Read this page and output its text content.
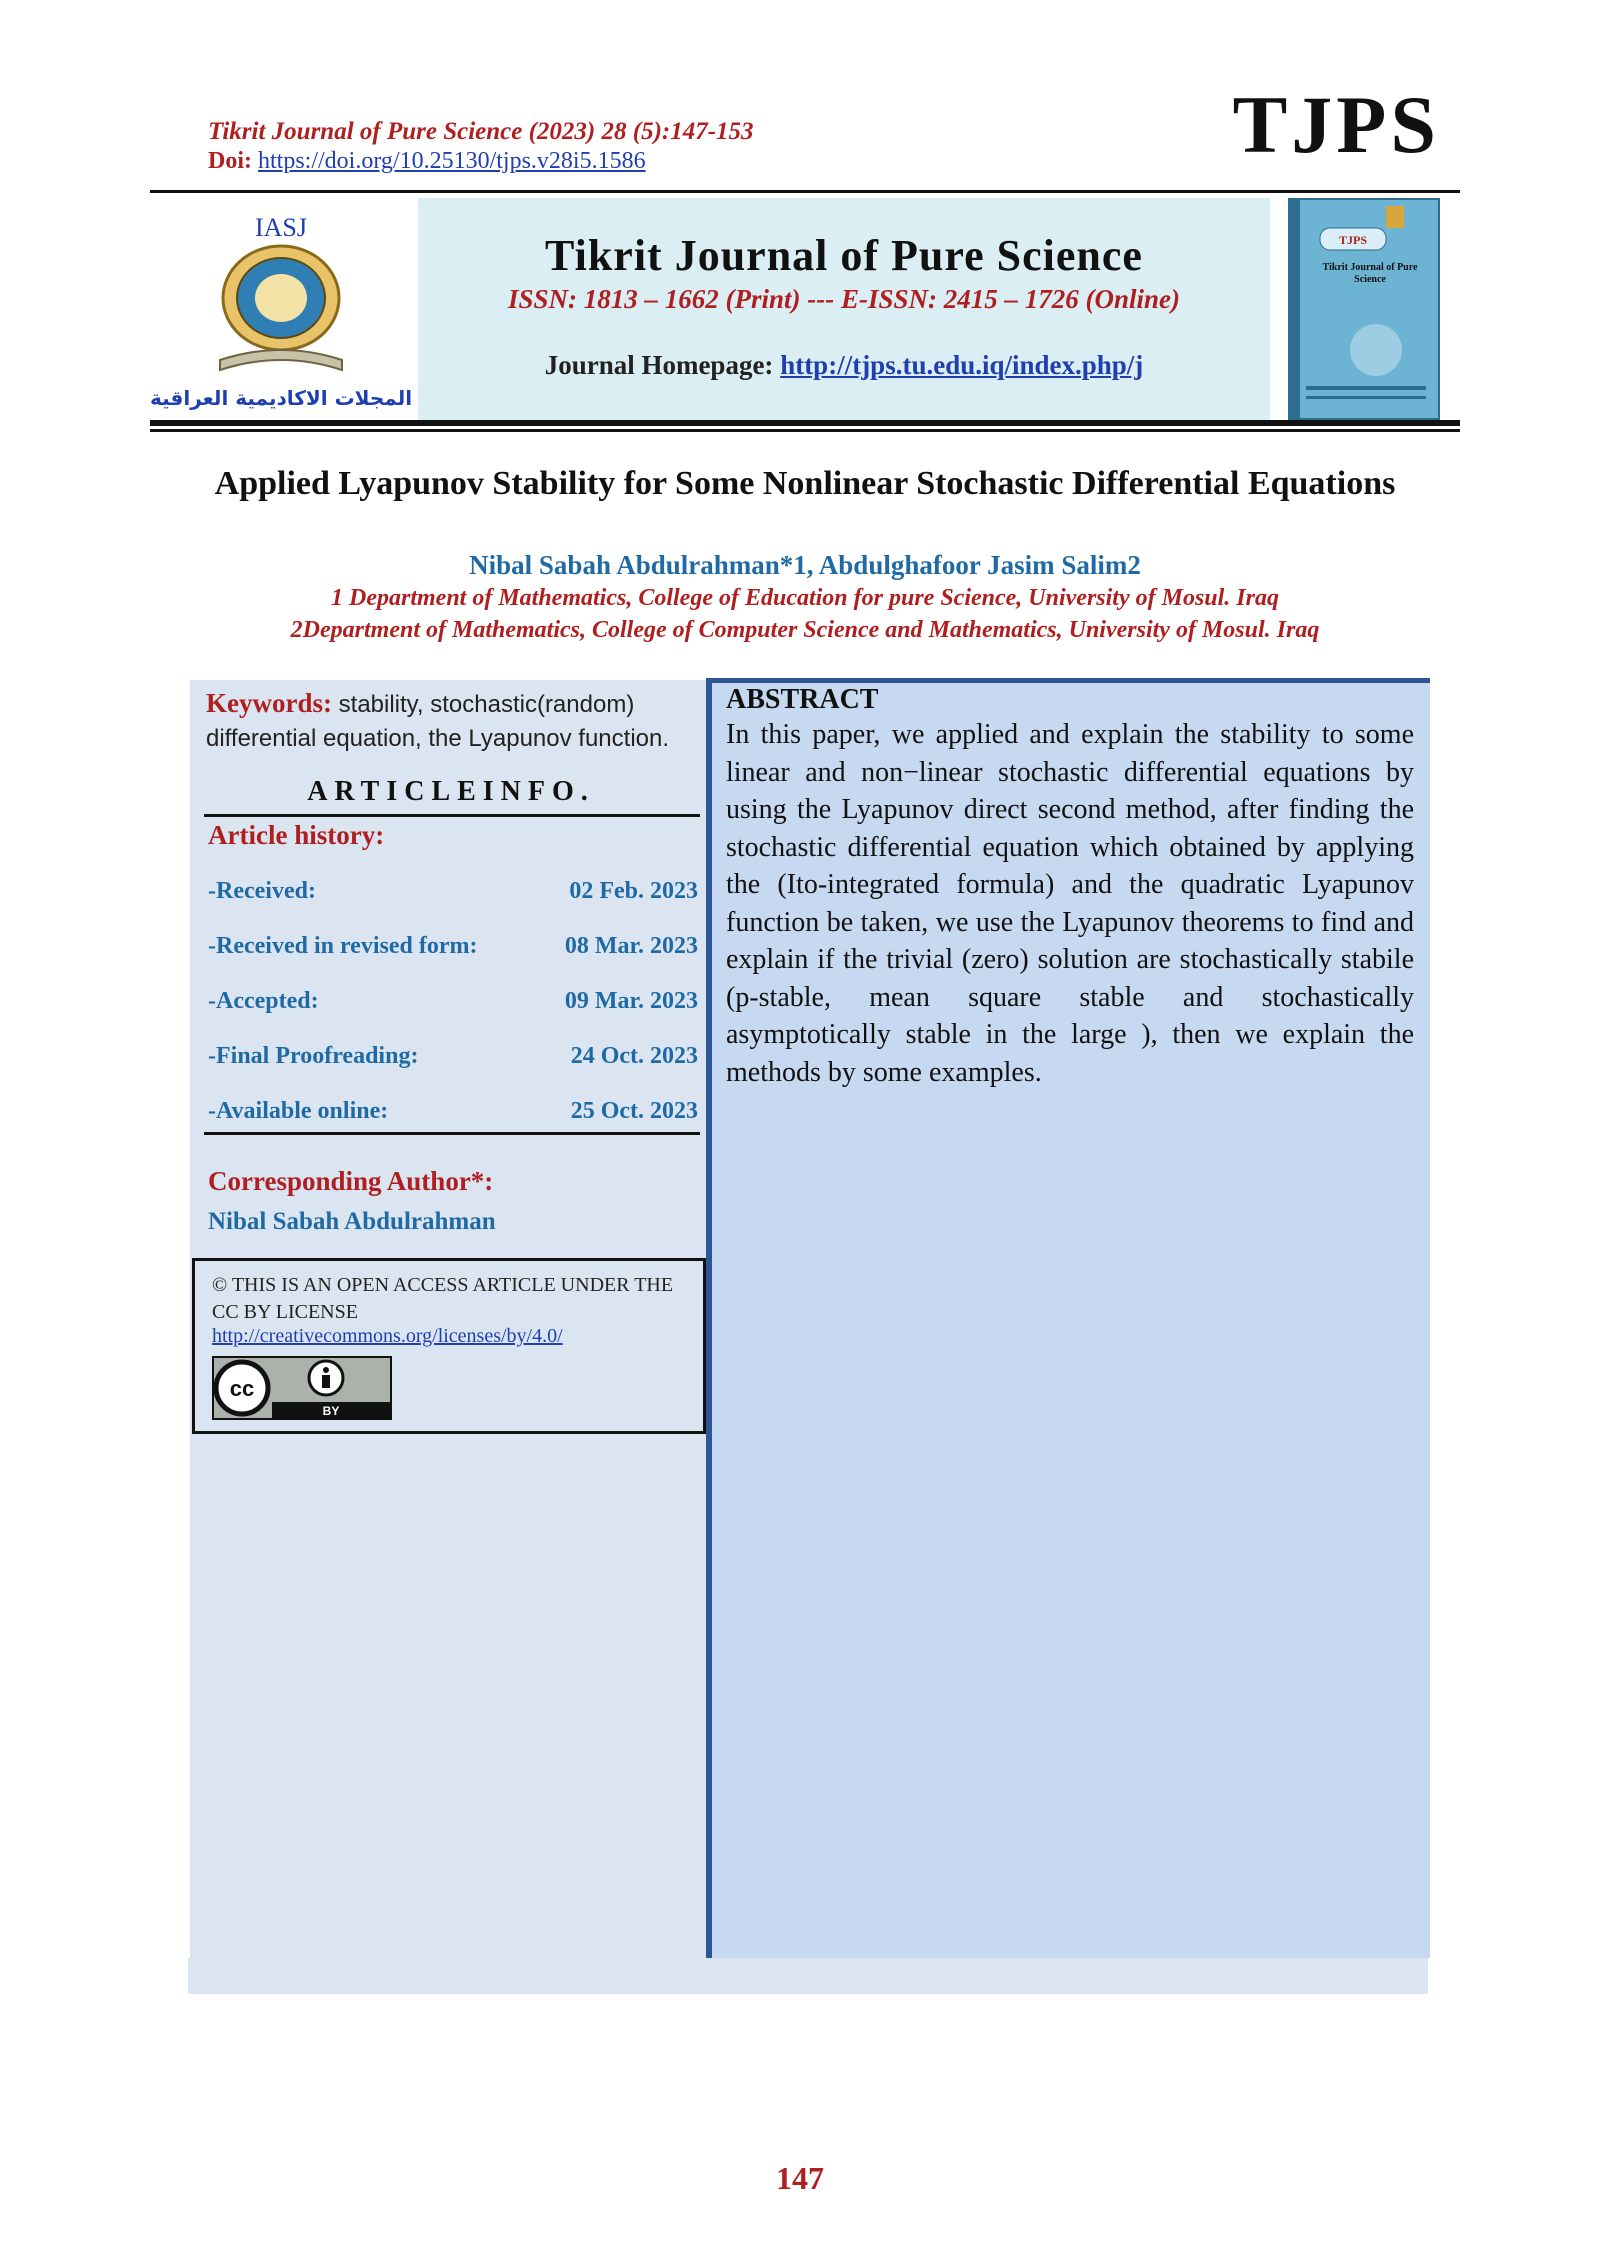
Tikrit Journal of Pure Science (2023) 28 (5):147-153
Doi: https://doi.org/10.25130/tjps.v28i5.1586	TJPS
IASJ
المجلات الاكاديمية العراقية
Tikrit Journal of Pure Science
ISSN: 1813 – 1662 (Print) --- E-ISSN: 2415 – 1726 (Online)
Journal Homepage: http://tjps.tu.edu.iq/index.php/j
TJPS
Tikrit Journal of Pure Science
Applied Lyapunov Stability for Some Nonlinear Stochastic Differential Equations
Nibal Sabah Abdulrahman*1, Abdulghafoor Jasim Salim2
1 Department of Mathematics, College of Education for pure Science, University of Mosul. Iraq
2Department of Mathematics, College of Computer Science and Mathematics, University of Mosul. Iraq
Keywords: stability, stochastic(random) differential equation, the Lyapunov function.
ARTICLEINFO.
Article history:
-Received:	02 Feb. 2023
-Received in revised form:	08 Mar. 2023
-Accepted:	09 Mar. 2023
-Final Proofreading:	24 Oct. 2023
-Available online:	25 Oct. 2023
Corresponding Author*:
Nibal Sabah Abdulrahman
© THIS IS AN OPEN ACCESS ARTICLE UNDER THE CC BY LICENSE
http://creativecommons.org/licenses/by/4.0/
cc
BY
ABSTRACT
In this paper, we applied and explain the stability to some linear and non−linear stochastic differential equations by using the Lyapunov direct second method, after finding the stochastic differential equation which obtained by applying the (Ito-integrated formula) and the quadratic Lyapunov function be taken, we use the Lyapunov theorems to find and explain if the trivial (zero) solution are stochastically stabile (p-stable, mean square stable and stochastically asymptotically stable in the large ), then we explain the methods by some examples.
147
